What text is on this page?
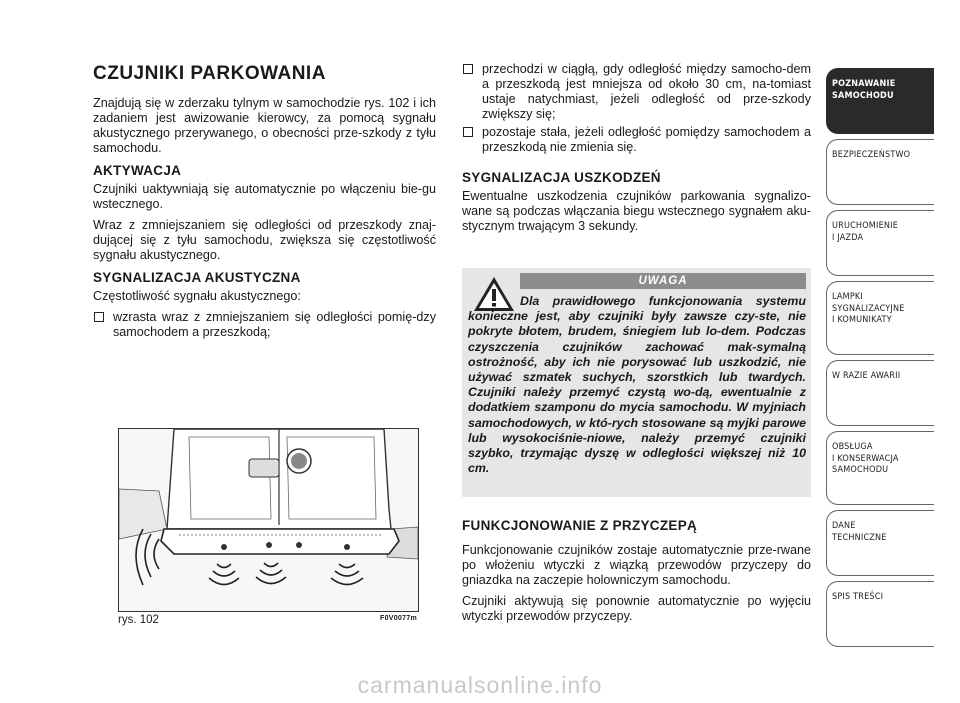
CZUJNIKI PARKOWANIA

Znajdują się w zderzaku tylnym w samochodzie rys. 102 i ich zadaniem jest awizowanie kierowcy, za pomocą sygnału akustycznego przerywanego, o obecności prze-szkody z tyłu samochodu.

AKTYWACJA

Czujniki uaktywniają się automatycznie po włączeniu bie-gu wstecznego.

Wraz z zmniejszaniem się odległości od przeszkody znaj-dującej się z tyłu samochodu, zwiększa się częstotliwość sygnału akustycznego.

SYGNALIZACJA AKUSTYCZNA

Częstotliwość sygnału akustycznego:

wzrasta wraz z zmniejszaniem się odległości pomię-dzy samochodem a przeszkodą;
rys. 102	F0V0077m
przechodzi w ciągłą, gdy odległość między samocho-dem a przeszkodą jest mniejsza od około 30 cm, na-tomiast ustaje natychmiast, jeżeli odległość od prze-szkody zwiększy się;
pozostaje stała, jeżeli odległość pomiędzy samochodem a przeszkodą nie zmienia się.
SYGNALIZACJA USZKODZEŃ

Ewentualne uszkodzenia czujników parkowania sygnalizo-wane są podczas włączania biegu wstecznego sygnałem aku-stycznym trwającym 3 sekundy.

UWAGA

Dla prawidłowego funkcjonowania systemu konieczne jest, aby czujniki były zawsze czy-ste, nie pokryte błotem, brudem, śniegiem lub lo-dem. Podczas czyszczenia czujników zachować mak-symalną ostrożność, aby ich nie porysować lub uszkodzić, nie używać szmatek suchych, szorstkich lub twardych. Czujniki należy przemyć czystą wo-dą, ewentualnie z dodatkiem szamponu do mycia samochodu. W myjniach samochodowych, w któ-rych stosowane są myjki parowe lub wysokociśnie-niowe, należy przemyć czujniki szybko, trzymając dyszę w odległości większej niż 10 cm.

FUNKCJONOWANIE Z PRZYCZEPĄ

Funkcjonowanie czujników zostaje automatycznie prze-rwane po włożeniu wtyczki z wiązką przewodów przyczepy do gniazdka na zaczepie holowniczym samochodu.

Czujniki aktywują się ponownie automatycznie po wyjęciu wtyczki przewodów przyczepy.

POZNAWANIE
SAMOCHODU
BEZPIECZEŃSTWO
URUCHOMIENIE
I JAZDA
LAMPKI
SYGNALIZACYJNE
I KOMUNIKATY
W RAZIE AWARII
OBSŁUGA
I KONSERWACJA
SAMOCHODU
DANE
TECHNICZNE
SPIS TREŚCI
carmanualsonline.info
